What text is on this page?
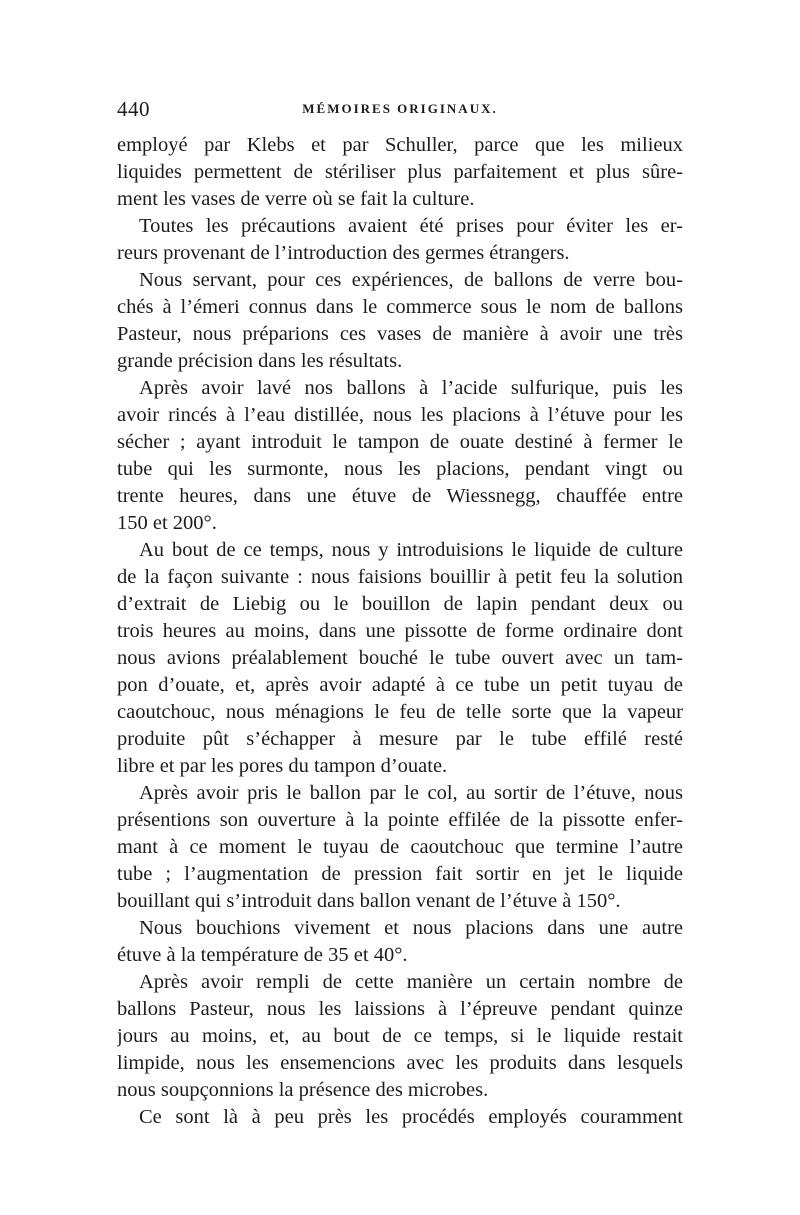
440	MÉMOIRES ORIGINAUX.
employé par Klebs et par Schuller, parce que les milieux
liquides permettent de stériliser plus parfaitement et plus sûre-
ment les vases de verre où se fait la culture.
Toutes les précautions avaient été prises pour éviter les er-
reurs provenant de l’introduction des germes étrangers.
Nous servant, pour ces expériences, de ballons de verre bou-
chés à l’émeri connus dans le commerce sous le nom de ballons
Pasteur, nous préparions ces vases de manière à avoir une très
grande précision dans les résultats.
Après avoir lavé nos ballons à l’acide sulfurique, puis les
avoir rincés à l’eau distillée, nous les placions à l’étuve pour les
sécher ; ayant introduit le tampon de ouate destiné à fermer le
tube qui les surmonte, nous les placions, pendant vingt ou
trente heures, dans une étuve de Wiessnegg, chauffée entre
150 et 200°.
Au bout de ce temps, nous y introduisions le liquide de culture
de la façon suivante : nous faisions bouillir à petit feu la solution
d’extrait de Liebig ou le bouillon de lapin pendant deux ou
trois heures au moins, dans une pissotte de forme ordinaire dont
nous avions préalablement bouché le tube ouvert avec un tam-
pon d’ouate, et, après avoir adapté à ce tube un petit tuyau de
caoutchouc, nous ménagions le feu de telle sorte que la vapeur
produite pût s’échapper à mesure par le tube effilé resté
libre et par les pores du tampon d’ouate.
Après avoir pris le ballon par le col, au sortir de l’étuve, nous
présentions son ouverture à la pointe effilée de la pissotte enfer-
mant à ce moment le tuyau de caoutchouc que termine l’autre
tube ; l’augmentation de pression fait sortir en jet le liquide
bouillant qui s’introduit dans ballon venant de l’étuve à 150°.
Nous bouchions vivement et nous placions dans une autre
étuve à la température de 35 et 40°.
Après avoir rempli de cette manière un certain nombre de
ballons Pasteur, nous les laissions à l’épreuve pendant quinze
jours au moins, et, au bout de ce temps, si le liquide restait
limpide, nous les ensemencions avec les produits dans lesquels
nous soupçonnions la présence des microbes.
Ce sont là à peu près les procédés employés couramment
